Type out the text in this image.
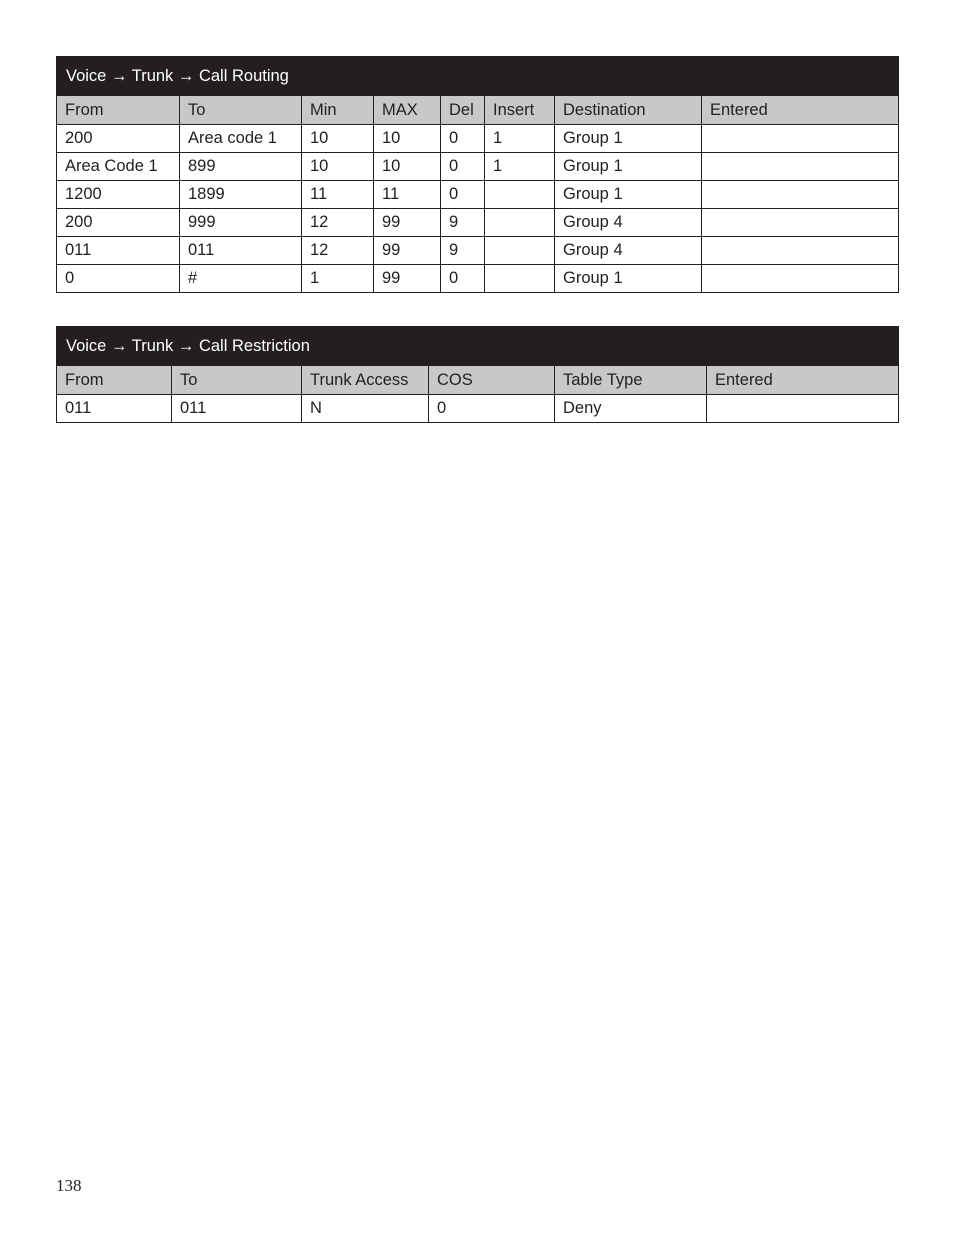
Voice → Trunk → Call Routing							
From	To	Min	MAX	Del	Insert	Destination	Entered
200	Area code 1	10	10	0	1	Group 1	
Area Code 1	899	10	10	0	1	Group 1	
1200	1899	11	11	0		Group 1	
200	999	12	99	9		Group 4	
011	011	12	99	9		Group 4	
0	#	1	99	0		Group 1	
Voice → Trunk → Call Restriction					
From	To	Trunk Access	COS	Table Type	Entered
011	011	N	0	Deny	
138
